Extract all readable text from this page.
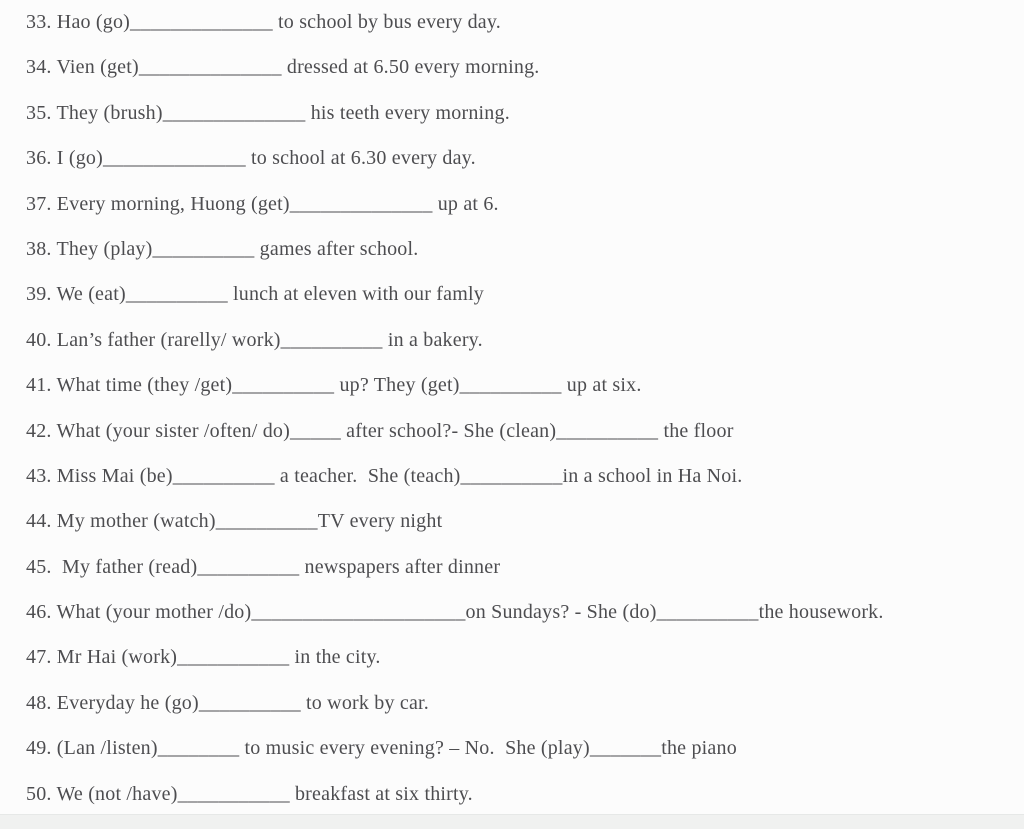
33. Hao (go)______________ to school by bus every day.

34. Vien (get)______________ dressed at 6.50 every morning.

35. They (brush)______________ his teeth every morning.

36. I (go)______________ to school at 6.30 every day.

37. Every morning, Huong (get)______________ up at 6.

38. They (play)__________ games after school.

39. We (eat)__________ lunch at eleven with our famly

40. Lan’s father (rarelly/ work)__________ in a bakery.

41. What time (they /get)__________ up? They (get)__________ up at six.

42. What (your sister /often/ do)_____ after school?- She (clean)__________ the floor

43. Miss Mai (be)__________ a teacher.  She (teach)__________in a school in Ha Noi.

44. My mother (watch)__________TV every night

45.  My father (read)__________ newspapers after dinner

46. What (your mother /do)_____________________on Sundays? - She (do)__________the housework.

47. Mr Hai (work)___________ in the city.

48. Everyday he (go)__________ to work by car.

49. (Lan /listen)________ to music every evening? – No.  She (play)_______the piano

50. We (not /have)___________ breakfast at six thirty.
